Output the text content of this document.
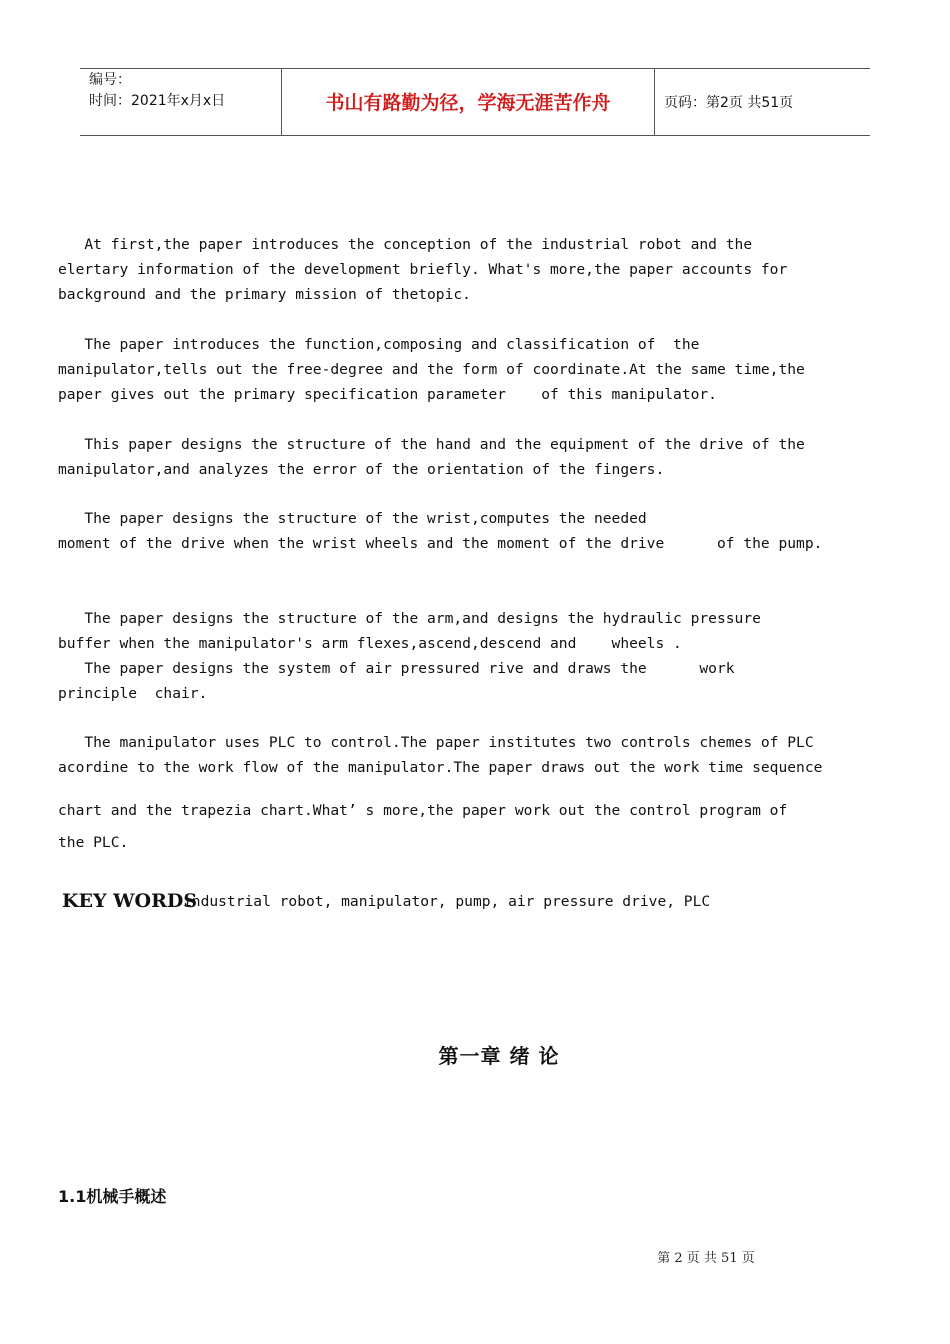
编号：
时间：2021年x月x日	书山有路勤为径，学海无涯苦作舟	页码：第2页 共51页
At first,the paper introduces the conception of the industrial robot and the
elertary information of the development briefly. What's more,the paper accounts for
background and the primary mission of thetopic.
The paper introduces the function,composing and classification of  the
manipulator,tells out the free-degree and the form of coordinate.At the same time,the
paper gives out the primary specification parameter    of this manipulator.
This paper designs the structure of the hand and the equipment of the drive of the
manipulator,and analyzes the error of the orientation of the fingers.
The paper designs the structure of the wrist,computes the needed
moment of the drive when the wrist wheels and the moment of the drive      of the pump.
The paper designs the structure of the arm,and designs the hydraulic pressure
buffer when the manipulator's arm flexes,ascend,descend and    wheels .
The paper designs the system of air pressured rive and draws the      work
principle  chair.
The manipulator uses PLC to control.The paper institutes two controls chemes of PLC
acordine to the work flow of the manipulator.The paper draws out the work time sequence
chart and the trapezia chart.What’ s more,the paper work out the control program of
the PLC.
KEY WORDS
industrial robot, manipulator, pump, air pressure drive, PLC
第一章 绪 论
1.1机械手概述
第 2 页 共 51 页
